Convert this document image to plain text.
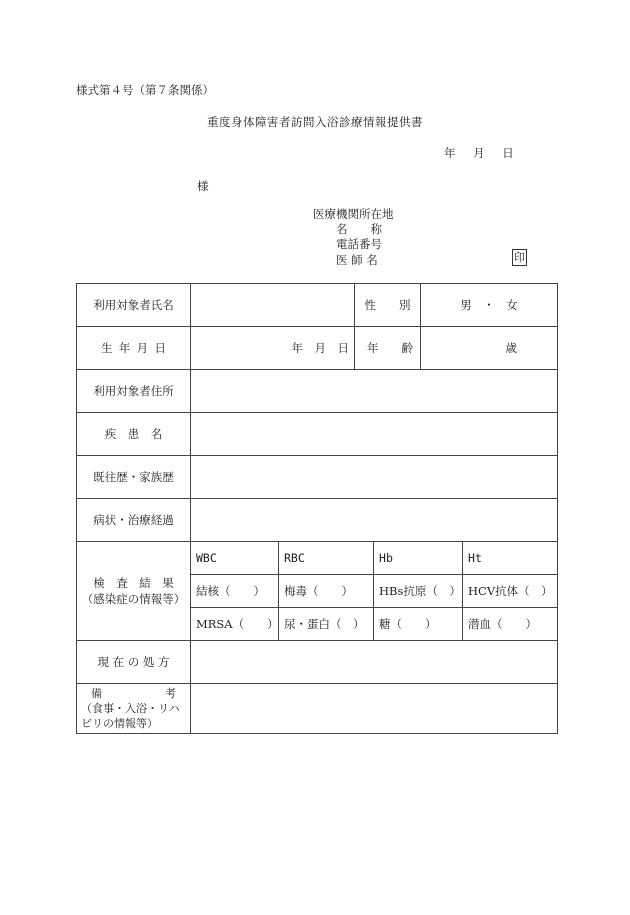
様式第４号（第７条関係）
重度身体障害者訪問入浴診療情報提供書
年 月 日
様
医療機関所在地
名　　称
電話番号
医 師 名	印
利用対象者氏名			性　　別		男　・　女	
生 年 月 日	年　月　日		年　　齢		歳	
利用対象者住所						
疾　患　名						
既往歴・家族歴						
病状・治療経過						

検　査　結　果
（感染症の情報等）	WBC	RBC		Hb		Ht
	結核（　　）	梅毒（　　）		HBs抗原（　）		HCV抗体（　）
	MRSA（　　）	尿・蛋白（　）		糖（　　）		潜血（　　）
現 在 の 処 方						

備　　　　考
（食事・入浴・リハビリの情報等）						
